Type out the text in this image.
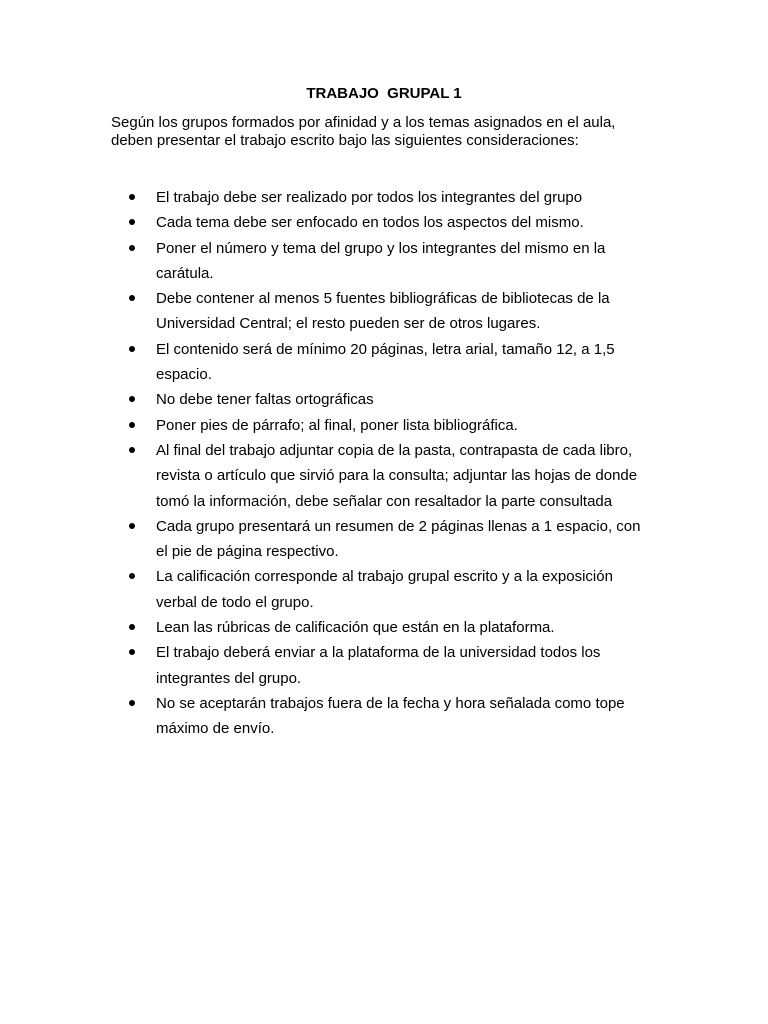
TRABAJO  GRUPAL 1
Según los grupos formados por afinidad y a los temas asignados en el aula,
deben presentar el trabajo escrito bajo las siguientes consideraciones:
El trabajo debe ser realizado por todos los integrantes del grupo
Cada tema debe ser enfocado en todos los aspectos del mismo.
Poner el número y tema del grupo y los integrantes del mismo en la
carátula.
Debe contener al menos 5 fuentes bibliográficas de bibliotecas de la
Universidad Central; el resto pueden ser de otros lugares.
El contenido será de mínimo 20 páginas, letra arial, tamaño 12, a 1,5
espacio.
No debe tener faltas ortográficas
Poner pies de párrafo; al final, poner lista bibliográfica.
Al final del trabajo adjuntar copia de la pasta, contrapasta de cada libro,
revista o artículo que sirvió para la consulta; adjuntar las hojas de donde
tomó la información, debe señalar con resaltador la parte consultada
Cada grupo presentará un resumen de 2 páginas llenas a 1 espacio, con
el pie de página respectivo.
La calificación corresponde al trabajo grupal escrito y a la exposición
verbal de todo el grupo.
Lean las rúbricas de calificación que están en la plataforma.
El trabajo deberá enviar a la plataforma de la universidad todos los
integrantes del grupo.
No se aceptarán trabajos fuera de la fecha y hora señalada como tope
máximo de envío.
